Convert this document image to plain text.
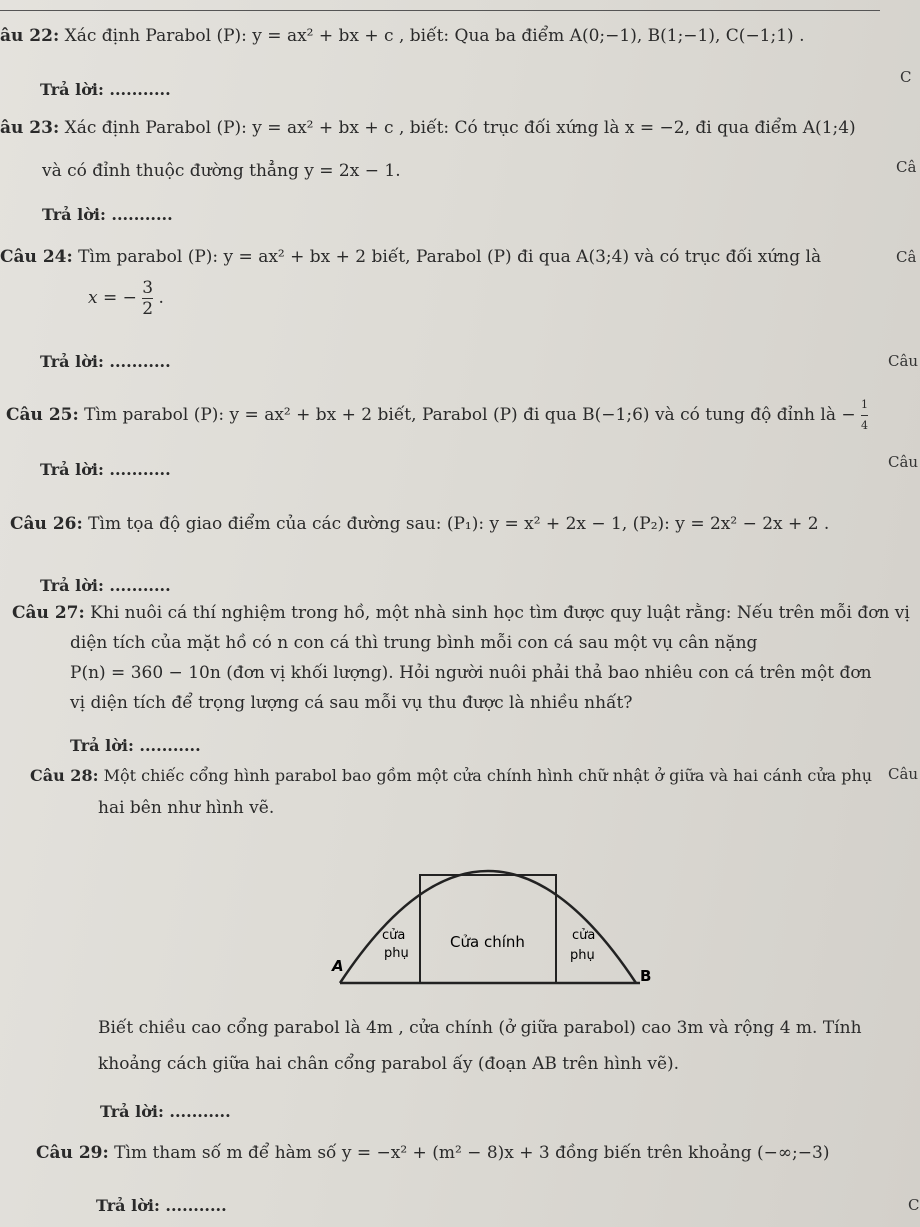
âu 22: Xác định Parabol (P): y = ax² + bx + c , biết: Qua ba điểm A(0;−1), B(1;−1), C(−1;1) .
Trả lời: ...........
âu 23: Xác định Parabol (P): y = ax² + bx + c , biết: Có trục đối xứng là x = −2, đi qua điểm A(1;4)
và có đỉnh thuộc đường thẳng y = 2x − 1.
Trả lời: ...........
Câu 24: Tìm parabol (P): y = ax² + bx + 2 biết, Parabol (P) đi qua A(3;4) và có trục đối xứng là
x = − $\frac{3}{2}$ .
Trả lời: ...........
Câu 25: Tìm parabol (P): y = ax² + bx + 2 biết, Parabol (P) đi qua B(−1;6) và có tung độ đỉnh là − $\frac{1}{4}$
Trả lời: ...........
Câu 26: Tìm tọa độ giao điểm của các đường sau: (P₁): y = x² + 2x − 1, (P₂): y = 2x² − 2x + 2 .
Trả lời: ...........
Câu 27: Khi nuôi cá thí nghiệm trong hồ, một nhà sinh học tìm được quy luật rằng: Nếu trên mỗi đơn vị
diện tích của mặt hồ có n con cá thì trung bình mỗi con cá sau một vụ cân nặng
P(n) = 360 − 10n (đơn vị khối lượng). Hỏi người nuôi phải thả bao nhiêu con cá trên một đơn
vị diện tích để trọng lượng cá sau mỗi vụ thu được là nhiều nhất?
Trả lời: ...........
Câu 28: Một chiếc cổng hình parabol bao gồm một cửa chính hình chữ nhật ở giữa và hai cánh cửa phụ
hai bên như hình vẽ.
cửa
phụ
Cửa chính	cửa
phụ
A
B
Biết chiều cao cổng parabol là 4m , cửa chính (ở giữa parabol) cao 3m và rộng 4 m. Tính
khoảng cách giữa hai chân cổng parabol ấy (đoạn AB trên hình vẽ).
Trả lời: ...........
Câu 29: Tìm tham số m để hàm số y = −x² + (m² − 8)x + 3 đồng biến trên khoảng (−∞;−3)
Trả lời: ...........
C
Câ
Câ
Câu
Câu
Câu
C
